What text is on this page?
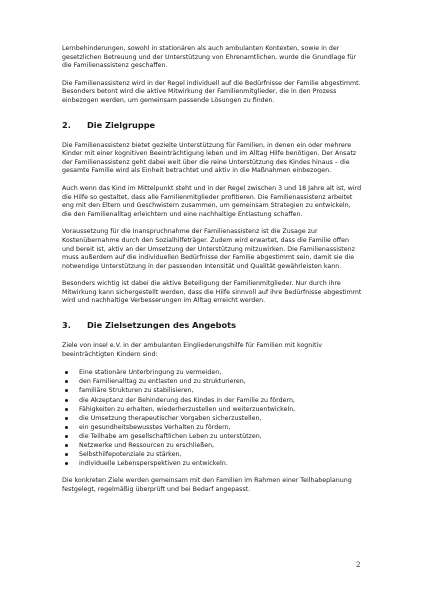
Lernbehinderungen, sowohl in stationären als auch ambulanten Kontexten, sowie in der gesetzlichen Betreuung und der Unterstützung von Ehrenamtlichen, wurde die Grundlage für die Familienassistenz geschaffen.

Die Familienassistenz wird in der Regel individuell auf die Bedürfnisse der Familie abgestimmt. Besonders betont wird die aktive Mitwirkung der Familienmitglieder, die in den Prozess einbezogen werden, um gemeinsam passende Lösungen zu finden.

2.	Die Zielgruppe

Die Familienassistenz bietet gezielte Unterstützung für Familien, in denen ein oder mehrere Kinder mit einer kognitiven Beeinträchtigung leben und im Alltag Hilfe benötigen. Der Ansatz der Familienassistenz geht dabei weit über die reine Unterstützung des Kindes hinaus – die gesamte Familie wird als Einheit betrachtet und aktiv in die Maßnahmen einbezogen.

Auch wenn das Kind im Mittelpunkt steht und in der Regel zwischen 3 und 18 Jahre alt ist, wird die Hilfe so gestaltet, dass alle Familienmitglieder profitieren. Die Familienassistenz arbeitet eng mit den Eltern und Geschwistern zusammen, um gemeinsam Strategien zu entwickeln, die den Familienalltag erleichtern und eine nachhaltige Entlastung schaffen.

Voraussetzung für die Inanspruchnahme der Familienassistenz ist die Zusage zur Kostenübernahme durch den Sozialhilfeträger. Zudem wird erwartet, dass die Familie offen und bereit ist, aktiv an der Umsetzung der Unterstützung mitzuwirken. Die Familienassistenz muss außerdem auf die individuellen Bedürfnisse der Familie abgestimmt sein, damit sie die notwendige Unterstützung in der passenden Intensität und Qualität gewährleisten kann.

Besonders wichtig ist dabei die aktive Beteiligung der Familienmitglieder. Nur durch ihre Mitwirkung kann sichergestellt werden, dass die Hilfe sinnvoll auf ihre Bedürfnisse abgestimmt wird und nachhaltige Verbesserungen im Alltag erreicht werden.

3.	Die Zielsetzungen des Angebots

Ziele von insel e.V. in der ambulanten Eingliederungshilfe für Familien mit kognitiv beeinträchtigten Kindern sind:

Eine stationäre Unterbringung zu vermeiden,
den Familienalltag zu entlasten und zu strukturieren,
familiäre Strukturen zu stabilisieren,
die Akzeptanz der Behinderung des Kindes in der Familie zu fördern,
Fähigkeiten zu erhalten, wiederherzustellen und weiterzuentwickeln,
die Umsetzung therapeutischer Vorgaben sicherzustellen,
ein gesundheitsbewusstes Verhalten zu fördern,
die Teilhabe am gesellschaftlichen Leben zu unterstützen,
Netzwerke und Ressourcen zu erschließen,
Selbsthilfepotenziale zu stärken,
individuelle Lebensperspektiven zu entwickeln.

Die konkreten Ziele werden gemeinsam mit den Familien im Rahmen einer Teilhabeplanung festgelegt, regelmäßig überprüft und bei Bedarf angepasst.

2
